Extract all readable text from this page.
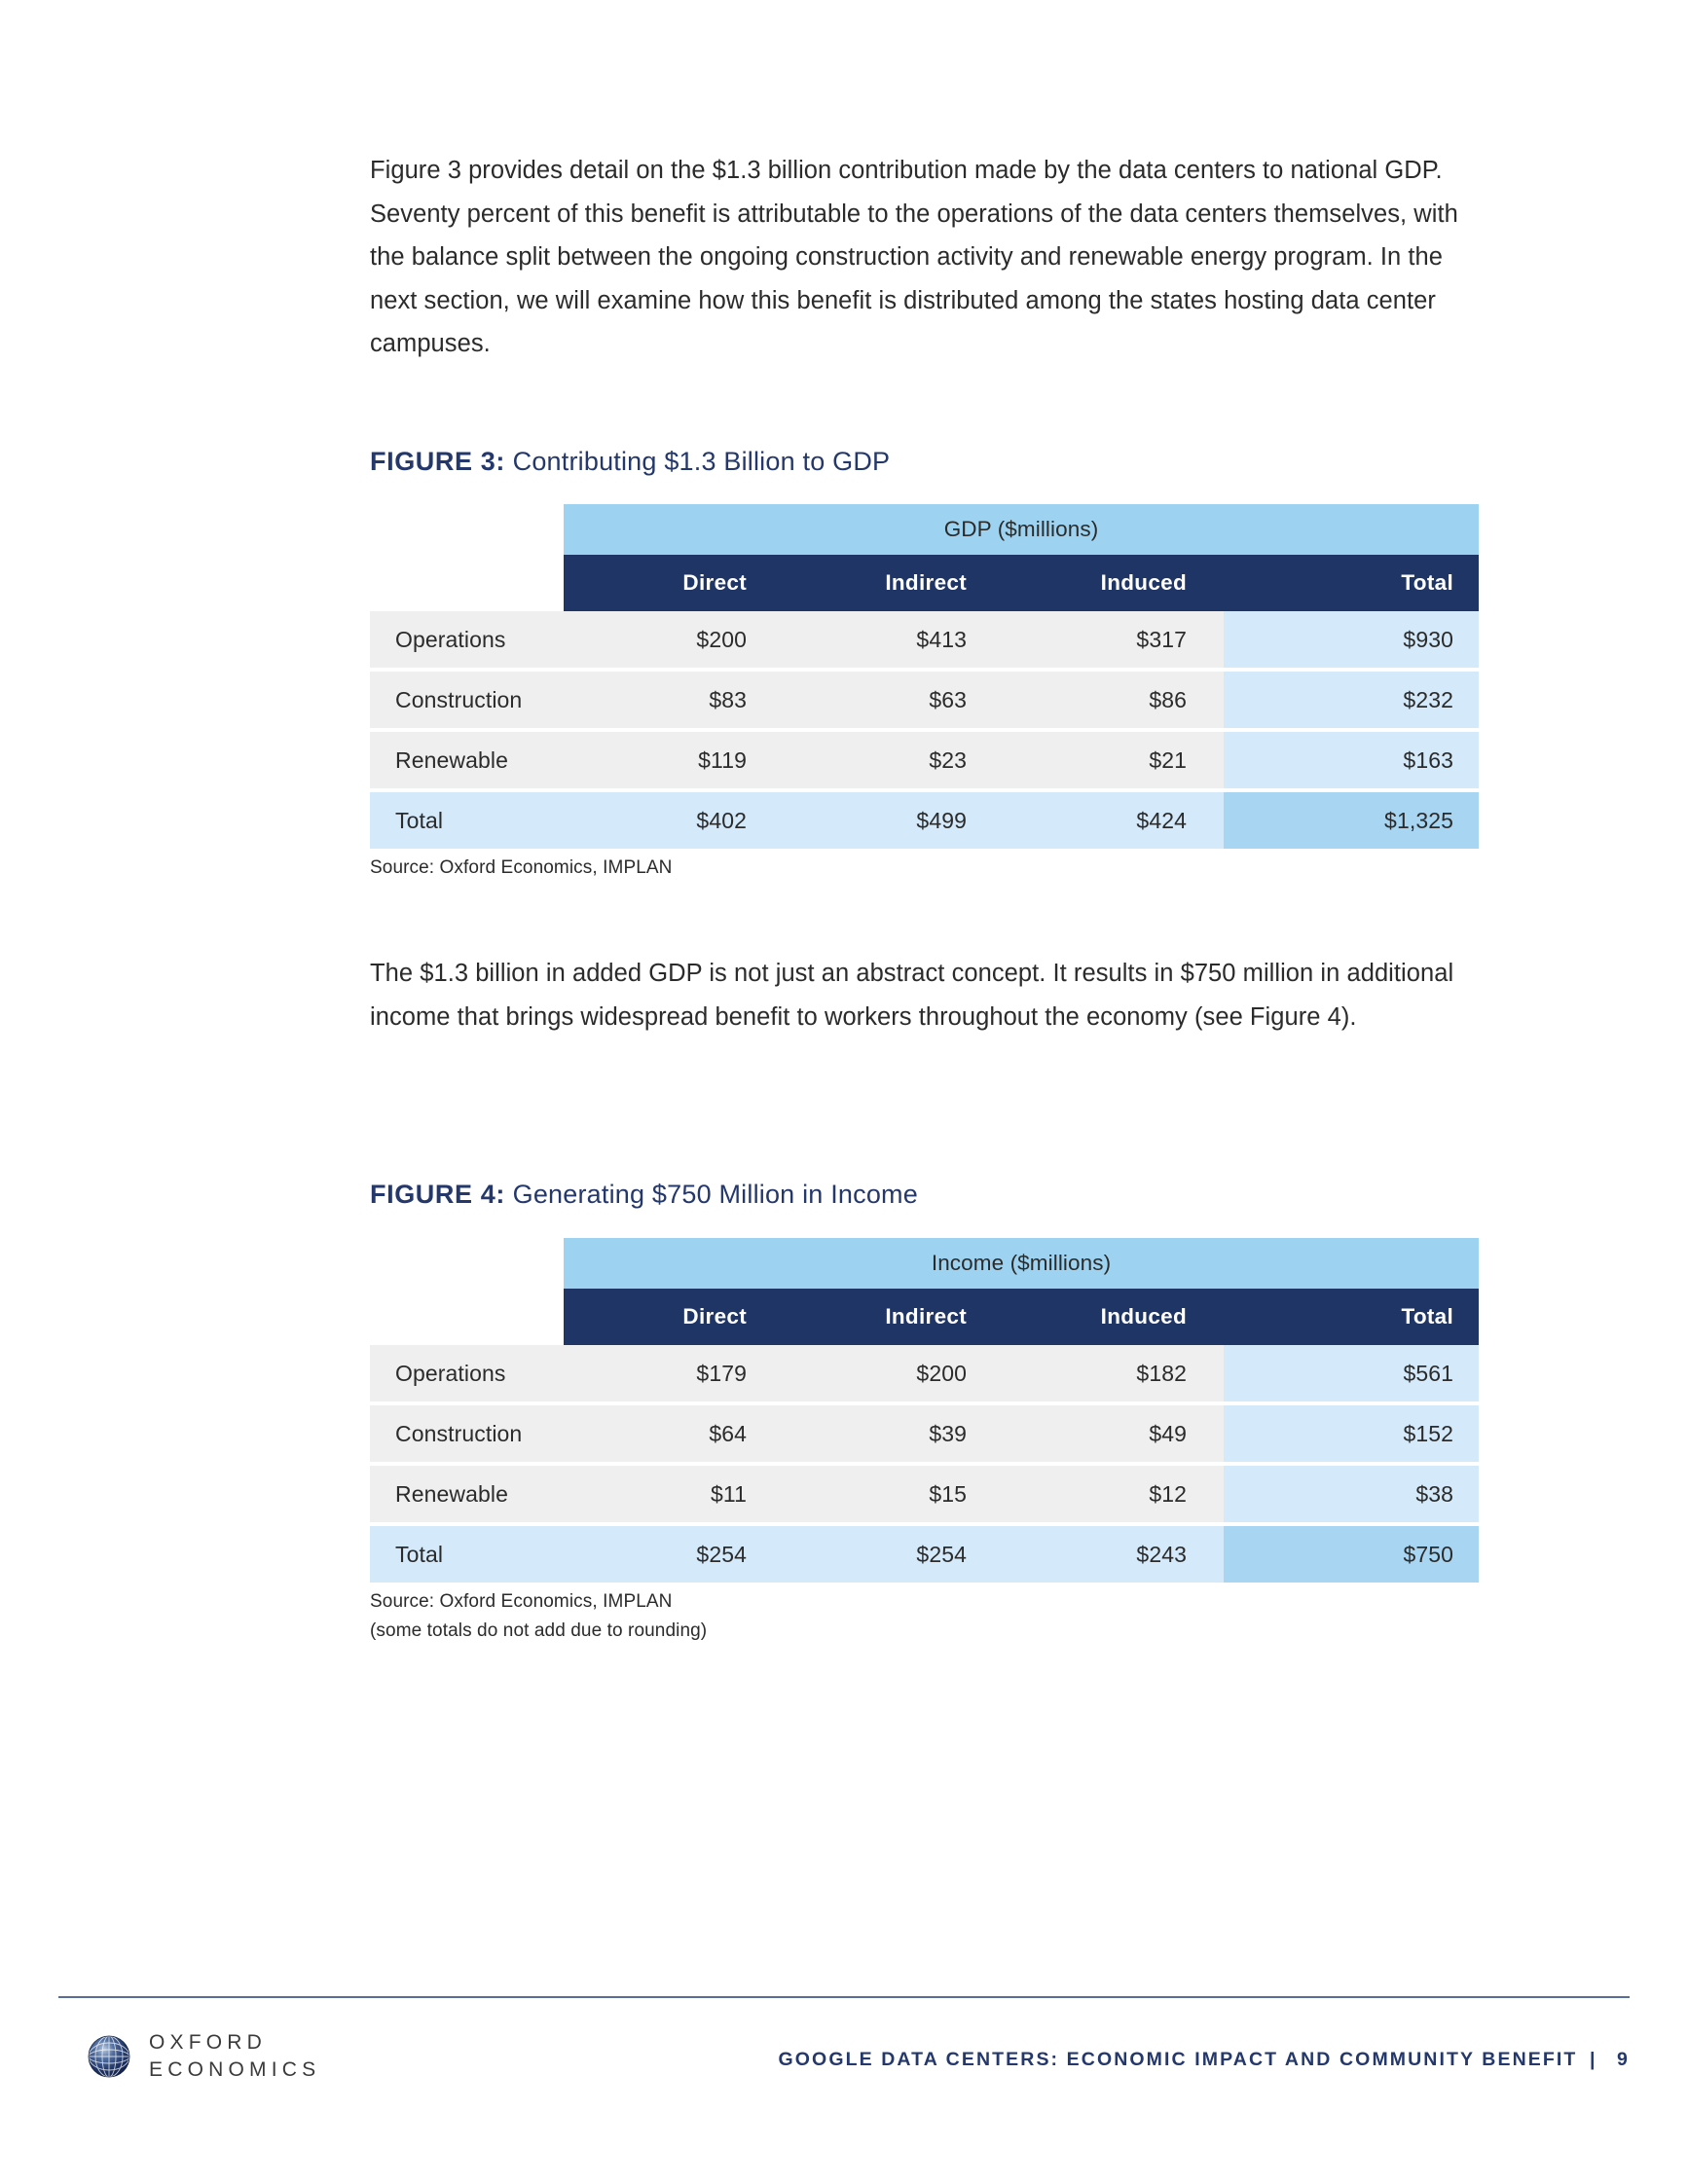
Figure 3 provides detail on the $1.3 billion contribution made by the data centers to national GDP. Seventy percent of this benefit is attributable to the operations of the data centers themselves, with the balance split between the ongoing construction activity and renewable energy program. In the next section, we will examine how this benefit is distributed among the states hosting data center campuses.

FIGURE 3: Contributing $1.3 Billion to GDP
	GDP ($millions)			
	Direct	Indirect	Induced	Total
Operations	$200	$413	$317	$930
Construction	$83	$63	$86	$232
Renewable	$119	$23	$21	$163
Total	$402	$499	$424	$1,325
Source: Oxford Economics, IMPLAN

The $1.3 billion in added GDP is not just an abstract concept. It results in $750 million in additional income that brings widespread benefit to workers throughout the economy (see Figure 4).

FIGURE 4: Generating $750 Million in Income
	Income ($millions)			
	Direct	Indirect	Induced	Total
Operations	$179	$200	$182	$561
Construction	$64	$39	$49	$152
Renewable	$11	$15	$12	$38
Total	$254	$254	$243	$750
Source: Oxford Economics, IMPLAN
(some totals do not add due to rounding)
OXFORD
ECONOMICS	GOOGLE DATA CENTERS: ECONOMIC IMPACT AND COMMUNITY BENEFIT | 9
